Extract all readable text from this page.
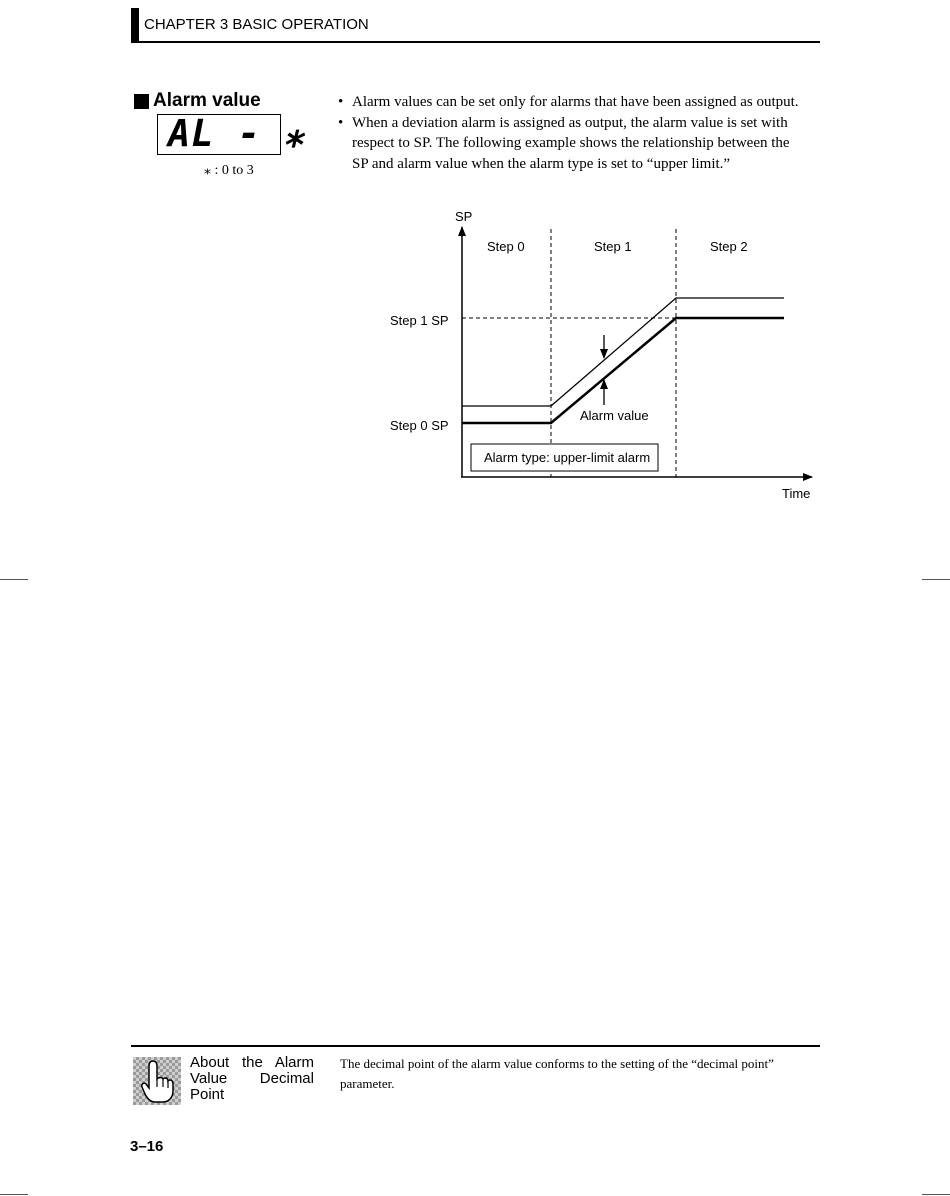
CHAPTER 3 BASIC OPERATION
Alarm value
AL - ⁎
⁎ : 0 to 3
• Alarm values can be set only for alarms that have been assigned as output.
• When a deviation alarm is assigned as output, the alarm value is set with respect to SP. The following example shows the relationship between the SP and alarm value when the alarm type is set to “upper limit.”
SP
Time
Step 0	Step 1	Step 2
Step 1 SP
Step 0 SP
Alarm value
Alarm type: upper-limit alarm
About the Alarm Value Decimal Point
The decimal point of the alarm value conforms to the setting of the “decimal point” parameter.
3–16
